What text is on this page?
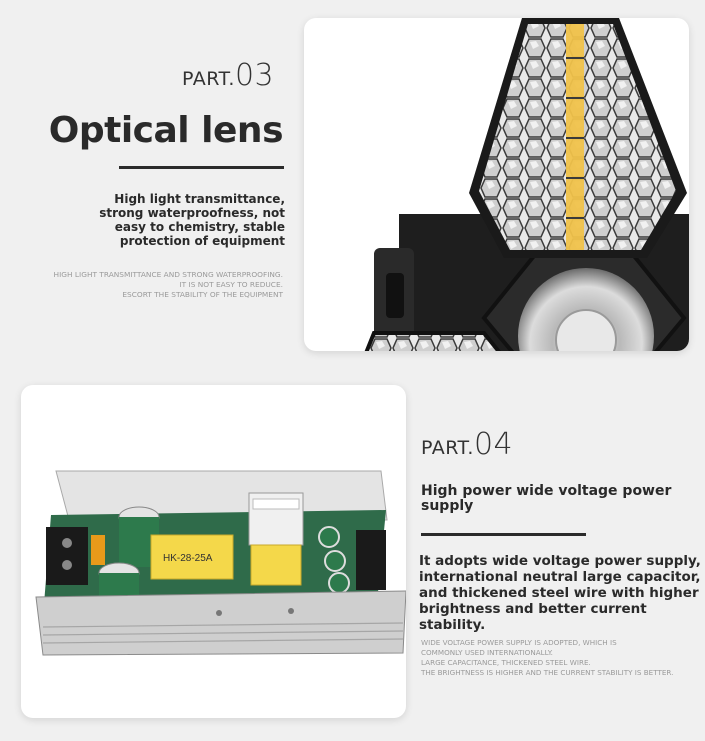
PART.03
Optical lens
High light transmittance,
strong waterproofness, not
easy to chemistry, stable
protection of equipment
HIGH LIGHT TRANSMITTANCE AND STRONG WATERPROOFING.
IT IS NOT EASY TO REDUCE.
ESCORT THE STABILITY OF THE EQUIPMENT
HK-28-25A
PART.04
High power wide voltage power
supply
It adopts wide voltage power supply,
international neutral large capacitor,
and thickened steel wire with higher
brightness and better current stability.
WIDE VOLTAGE POWER SUPPLY IS ADOPTED, WHICH IS
COMMONLY USED INTERNATIONALLY.
LARGE CAPACITANCE, THICKENED STEEL WIRE.
THE BRIGHTNESS IS HIGHER AND THE CURRENT STABILITY IS BETTER.
